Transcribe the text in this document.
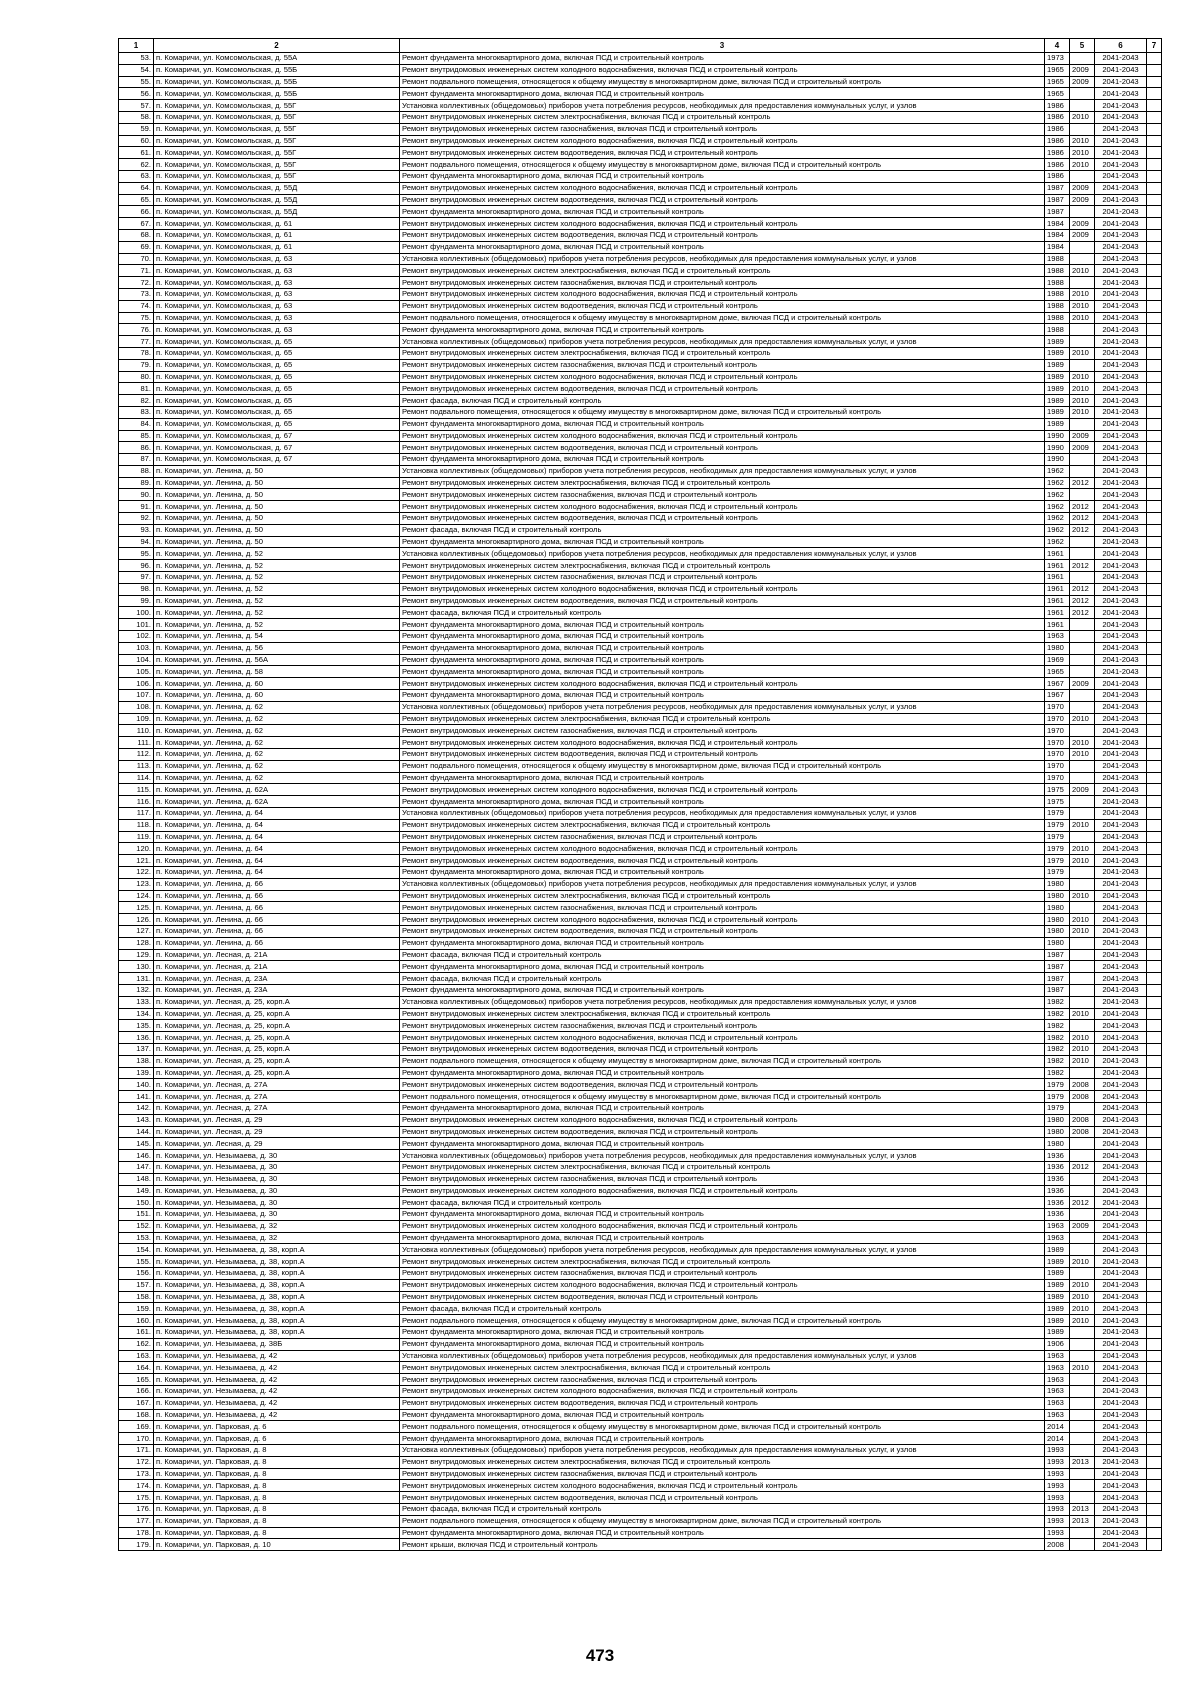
1	2	3	4	5	6	7
53.	п. Комаричи, ул. Комсомольская, д. 55А	Ремонт фундамента многоквартирного дома, включая ПСД и строительный контроль	1973		2041-2043	
54.	п. Комаричи, ул. Комсомольская, д. 55Б	Ремонт внутридомовых инженерных систем холодного водоснабжения, включая ПСД и строительный контроль	1965	2009	2041-2043	
55.	п. Комаричи, ул. Комсомольская, д. 55Б	Ремонт подвального помещения, относящегося к общему имуществу в многоквартирном доме, включая ПСД и строительный контроль	1965	2009	2041-2043	
56.	п. Комаричи, ул. Комсомольская, д. 55Б	Ремонт фундамента многоквартирного дома, включая ПСД и строительный контроль	1965		2041-2043	
57.	п. Комаричи, ул. Комсомольская, д. 55Г	Установка коллективных (общедомовых) приборов учета потребления ресурсов, необходимых для предоставления коммунальных услуг, и узлов	1986		2041-2043	
58.	п. Комаричи, ул. Комсомольская, д. 55Г	Ремонт внутридомовых инженерных систем электроснабжения, включая ПСД и строительный контроль	1986	2010	2041-2043	
59.	п. Комаричи, ул. Комсомольская, д. 55Г	Ремонт внутридомовых инженерных систем газоснабжения, включая ПСД и строительный контроль	1986		2041-2043	
60.	п. Комаричи, ул. Комсомольская, д. 55Г	Ремонт внутридомовых инженерных систем холодного водоснабжения, включая ПСД и строительный контроль	1986	2010	2041-2043	
61.	п. Комаричи, ул. Комсомольская, д. 55Г	Ремонт внутридомовых инженерных систем водоотведения, включая ПСД и строительный контроль	1986	2010	2041-2043	
62.	п. Комаричи, ул. Комсомольская, д. 55Г	Ремонт подвального помещения, относящегося к общему имуществу в многоквартирном доме, включая ПСД и строительный контроль	1986	2010	2041-2043	
63.	п. Комаричи, ул. Комсомольская, д. 55Г	Ремонт фундамента многоквартирного дома, включая ПСД и строительный контроль	1986		2041-2043	
64.	п. Комаричи, ул. Комсомольская, д. 55Д	Ремонт внутридомовых инженерных систем холодного водоснабжения, включая ПСД и строительный контроль	1987	2009	2041-2043	
65.	п. Комаричи, ул. Комсомольская, д. 55Д	Ремонт внутридомовых инженерных систем водоотведения, включая ПСД и строительный контроль	1987	2009	2041-2043	
66.	п. Комаричи, ул. Комсомольская, д. 55Д	Ремонт фундамента многоквартирного дома, включая ПСД и строительный контроль	1987		2041-2043	
67.	п. Комаричи, ул. Комсомольская, д. 61	Ремонт внутридомовых инженерных систем холодного водоснабжения, включая ПСД и строительный контроль	1984	2009	2041-2043	
68.	п. Комаричи, ул. Комсомольская, д. 61	Ремонт внутридомовых инженерных систем водоотведения, включая ПСД и строительный контроль	1984	2009	2041-2043	
69.	п. Комаричи, ул. Комсомольская, д. 61	Ремонт фундамента многоквартирного дома, включая ПСД и строительный контроль	1984		2041-2043	
70.	п. Комаричи, ул. Комсомольская, д. 63	Установка коллективных (общедомовых) приборов учета потребления ресурсов, необходимых для предоставления коммунальных услуг, и узлов	1988		2041-2043	
71.	п. Комаричи, ул. Комсомольская, д. 63	Ремонт внутридомовых инженерных систем электроснабжения, включая ПСД и строительный контроль	1988	2010	2041-2043	
72.	п. Комаричи, ул. Комсомольская, д. 63	Ремонт внутридомовых инженерных систем газоснабжения, включая ПСД и строительный контроль	1988		2041-2043	
73.	п. Комаричи, ул. Комсомольская, д. 63	Ремонт внутридомовых инженерных систем холодного водоснабжения, включая ПСД и строительный контроль	1988	2010	2041-2043	
74.	п. Комаричи, ул. Комсомольская, д. 63	Ремонт внутридомовых инженерных систем водоотведения, включая ПСД и строительный контроль	1988	2010	2041-2043	
75.	п. Комаричи, ул. Комсомольская, д. 63	Ремонт подвального помещения, относящегося к общему имуществу в многоквартирном доме, включая ПСД и строительный контроль	1988	2010	2041-2043	
76.	п. Комаричи, ул. Комсомольская, д. 63	Ремонт фундамента многоквартирного дома, включая ПСД и строительный контроль	1988		2041-2043	
77.	п. Комаричи, ул. Комсомольская, д. 65	Установка коллективных (общедомовых) приборов учета потребления ресурсов, необходимых для предоставления коммунальных услуг, и узлов	1989		2041-2043	
78.	п. Комаричи, ул. Комсомольская, д. 65	Ремонт внутридомовых инженерных систем электроснабжения, включая ПСД и строительный контроль	1989	2010	2041-2043	
79.	п. Комаричи, ул. Комсомольская, д. 65	Ремонт внутридомовых инженерных систем газоснабжения, включая ПСД и строительный контроль	1989		2041-2043	
80.	п. Комаричи, ул. Комсомольская, д. 65	Ремонт внутридомовых инженерных систем холодного водоснабжения, включая ПСД и строительный контроль	1989	2010	2041-2043	
81.	п. Комаричи, ул. Комсомольская, д. 65	Ремонт внутридомовых инженерных систем водоотведения, включая ПСД и строительный контроль	1989	2010	2041-2043	
82.	п. Комаричи, ул. Комсомольская, д. 65	Ремонт фасада, включая ПСД и строительный контроль	1989	2010	2041-2043	
83.	п. Комаричи, ул. Комсомольская, д. 65	Ремонт подвального помещения, относящегося к общему имуществу в многоквартирном доме, включая ПСД и строительный контроль	1989	2010	2041-2043	
84.	п. Комаричи, ул. Комсомольская, д. 65	Ремонт фундамента многоквартирного дома, включая ПСД и строительный контроль	1989		2041-2043	
85.	п. Комаричи, ул. Комсомольская, д. 67	Ремонт внутридомовых инженерных систем холодного водоснабжения, включая ПСД и строительный контроль	1990	2009	2041-2043	
86.	п. Комаричи, ул. Комсомольская, д. 67	Ремонт внутридомовых инженерных систем водоотведения, включая ПСД и строительный контроль	1990	2009	2041-2043	
87.	п. Комаричи, ул. Комсомольская, д. 67	Ремонт фундамента многоквартирного дома, включая ПСД и строительный контроль	1990		2041-2043	
88.	п. Комаричи, ул. Ленина, д. 50	Установка коллективных (общедомовых) приборов учета потребления ресурсов, необходимых для предоставления коммунальных услуг, и узлов	1962		2041-2043	
89.	п. Комаричи, ул. Ленина, д. 50	Ремонт внутридомовых инженерных систем электроснабжения, включая ПСД и строительный контроль	1962	2012	2041-2043	
90.	п. Комаричи, ул. Ленина, д. 50	Ремонт внутридомовых инженерных систем газоснабжения, включая ПСД и строительный контроль	1962		2041-2043	
91.	п. Комаричи, ул. Ленина, д. 50	Ремонт внутридомовых инженерных систем холодного водоснабжения, включая ПСД и строительный контроль	1962	2012	2041-2043	
92.	п. Комаричи, ул. Ленина, д. 50	Ремонт внутридомовых инженерных систем водоотведения, включая ПСД и строительный контроль	1962	2012	2041-2043	
93.	п. Комаричи, ул. Ленина, д. 50	Ремонт фасада, включая ПСД и строительный контроль	1962	2012	2041-2043	
94.	п. Комаричи, ул. Ленина, д. 50	Ремонт фундамента многоквартирного дома, включая ПСД и строительный контроль	1962		2041-2043	
95.	п. Комаричи, ул. Ленина, д. 52	Установка коллективных (общедомовых) приборов учета потребления ресурсов, необходимых для предоставления коммунальных услуг, и узлов	1961		2041-2043	
96.	п. Комаричи, ул. Ленина, д. 52	Ремонт внутридомовых инженерных систем электроснабжения, включая ПСД и строительный контроль	1961	2012	2041-2043	
97.	п. Комаричи, ул. Ленина, д. 52	Ремонт внутридомовых инженерных систем газоснабжения, включая ПСД и строительный контроль	1961		2041-2043	
98.	п. Комаричи, ул. Ленина, д. 52	Ремонт внутридомовых инженерных систем холодного водоснабжения, включая ПСД и строительный контроль	1961	2012	2041-2043	
99.	п. Комаричи, ул. Ленина, д. 52	Ремонт внутридомовых инженерных систем водоотведения, включая ПСД и строительный контроль	1961	2012	2041-2043	
100.	п. Комаричи, ул. Ленина, д. 52	Ремонт фасада, включая ПСД и строительный контроль	1961	2012	2041-2043	
101.	п. Комаричи, ул. Ленина, д. 52	Ремонт фундамента многоквартирного дома, включая ПСД и строительный контроль	1961		2041-2043	
102.	п. Комаричи, ул. Ленина, д. 54	Ремонт фундамента многоквартирного дома, включая ПСД и строительный контроль	1963		2041-2043	
103.	п. Комаричи, ул. Ленина, д. 56	Ремонт фундамента многоквартирного дома, включая ПСД и строительный контроль	1980		2041-2043	
104.	п. Комаричи, ул. Ленина, д. 56А	Ремонт фундамента многоквартирного дома, включая ПСД и строительный контроль	1969		2041-2043	
105.	п. Комаричи, ул. Ленина, д. 58	Ремонт фундамента многоквартирного дома, включая ПСД и строительный контроль	1965		2041-2043	
106.	п. Комаричи, ул. Ленина, д. 60	Ремонт внутридомовых инженерных систем холодного водоснабжения, включая ПСД и строительный контроль	1967	2009	2041-2043	
107.	п. Комаричи, ул. Ленина, д. 60	Ремонт фундамента многоквартирного дома, включая ПСД и строительный контроль	1967		2041-2043	
108.	п. Комаричи, ул. Ленина, д. 62	Установка коллективных (общедомовых) приборов учета потребления ресурсов, необходимых для предоставления коммунальных услуг, и узлов	1970		2041-2043	
109.	п. Комаричи, ул. Ленина, д. 62	Ремонт внутридомовых инженерных систем электроснабжения, включая ПСД и строительный контроль	1970	2010	2041-2043	
110.	п. Комаричи, ул. Ленина, д. 62	Ремонт внутридомовых инженерных систем газоснабжения, включая ПСД и строительный контроль	1970		2041-2043	
111.	п. Комаричи, ул. Ленина, д. 62	Ремонт внутридомовых инженерных систем холодного водоснабжения, включая ПСД и строительный контроль	1970	2010	2041-2043	
112.	п. Комаричи, ул. Ленина, д. 62	Ремонт внутридомовых инженерных систем водоотведения, включая ПСД и строительный контроль	1970	2010	2041-2043	
113.	п. Комаричи, ул. Ленина, д. 62	Ремонт подвального помещения, относящегося к общему имуществу в многоквартирном доме, включая ПСД и строительный контроль	1970		2041-2043	
114.	п. Комаричи, ул. Ленина, д. 62	Ремонт фундамента многоквартирного дома, включая ПСД и строительный контроль	1970		2041-2043	
115.	п. Комаричи, ул. Ленина, д. 62А	Ремонт внутридомовых инженерных систем холодного водоснабжения, включая ПСД и строительный контроль	1975	2009	2041-2043	
116.	п. Комаричи, ул. Ленина, д. 62А	Ремонт фундамента многоквартирного дома, включая ПСД и строительный контроль	1975		2041-2043	
117.	п. Комаричи, ул. Ленина, д. 64	Установка коллективных (общедомовых) приборов учета потребления ресурсов, необходимых для предоставления коммунальных услуг, и узлов	1979		2041-2043	
118.	п. Комаричи, ул. Ленина, д. 64	Ремонт внутридомовых инженерных систем электроснабжения, включая ПСД и строительный контроль	1979	2010	2041-2043	
119.	п. Комаричи, ул. Ленина, д. 64	Ремонт внутридомовых инженерных систем газоснабжения, включая ПСД и строительный контроль	1979		2041-2043	
120.	п. Комаричи, ул. Ленина, д. 64	Ремонт внутридомовых инженерных систем холодного водоснабжения, включая ПСД и строительный контроль	1979	2010	2041-2043	
121.	п. Комаричи, ул. Ленина, д. 64	Ремонт внутридомовых инженерных систем водоотведения, включая ПСД и строительный контроль	1979	2010	2041-2043	
122.	п. Комаричи, ул. Ленина, д. 64	Ремонт фундамента многоквартирного дома, включая ПСД и строительный контроль	1979		2041-2043	
123.	п. Комаричи, ул. Ленина, д. 66	Установка коллективных (общедомовых) приборов учета потребления ресурсов, необходимых для предоставления коммунальных услуг, и узлов	1980		2041-2043	
124.	п. Комаричи, ул. Ленина, д. 66	Ремонт внутридомовых инженерных систем электроснабжения, включая ПСД и строительный контроль	1980	2010	2041-2043	
125.	п. Комаричи, ул. Ленина, д. 66	Ремонт внутридомовых инженерных систем газоснабжения, включая ПСД и строительный контроль	1980		2041-2043	
126.	п. Комаричи, ул. Ленина, д. 66	Ремонт внутридомовых инженерных систем холодного водоснабжения, включая ПСД и строительный контроль	1980	2010	2041-2043	
127.	п. Комаричи, ул. Ленина, д. 66	Ремонт внутридомовых инженерных систем водоотведения, включая ПСД и строительный контроль	1980	2010	2041-2043	
128.	п. Комаричи, ул. Ленина, д. 66	Ремонт фундамента многоквартирного дома, включая ПСД и строительный контроль	1980		2041-2043	
129.	п. Комаричи, ул. Лесная, д. 21А	Ремонт фасада, включая ПСД и строительный контроль	1987		2041-2043	
130.	п. Комаричи, ул. Лесная, д. 21А	Ремонт фундамента многоквартирного дома, включая ПСД и строительный контроль	1987		2041-2043	
131.	п. Комаричи, ул. Лесная, д. 23А	Ремонт фасада, включая ПСД и строительный контроль	1987		2041-2043	
132.	п. Комаричи, ул. Лесная, д. 23А	Ремонт фундамента многоквартирного дома, включая ПСД и строительный контроль	1987		2041-2043	
133.	п. Комаричи, ул. Лесная, д. 25, корп.А	Установка коллективных (общедомовых) приборов учета потребления ресурсов, необходимых для предоставления коммунальных услуг, и узлов	1982		2041-2043	
134.	п. Комаричи, ул. Лесная, д. 25, корп.А	Ремонт внутридомовых инженерных систем электроснабжения, включая ПСД и строительный контроль	1982	2010	2041-2043	
135.	п. Комаричи, ул. Лесная, д. 25, корп.А	Ремонт внутридомовых инженерных систем газоснабжения, включая ПСД и строительный контроль	1982		2041-2043	
136.	п. Комаричи, ул. Лесная, д. 25, корп.А	Ремонт внутридомовых инженерных систем холодного водоснабжения, включая ПСД и строительный контроль	1982	2010	2041-2043	
137.	п. Комаричи, ул. Лесная, д. 25, корп.А	Ремонт внутридомовых инженерных систем водоотведения, включая ПСД и строительный контроль	1982	2010	2041-2043	
138.	п. Комаричи, ул. Лесная, д. 25, корп.А	Ремонт подвального помещения, относящегося к общему имуществу в многоквартирном доме, включая ПСД и строительный контроль	1982	2010	2041-2043	
139.	п. Комаричи, ул. Лесная, д. 25, корп.А	Ремонт фундамента многоквартирного дома, включая ПСД и строительный контроль	1982		2041-2043	
140.	п. Комаричи, ул. Лесная, д. 27А	Ремонт внутридомовых инженерных систем водоотведения, включая ПСД и строительный контроль	1979	2008	2041-2043	
141.	п. Комаричи, ул. Лесная, д. 27А	Ремонт подвального помещения, относящегося к общему имуществу в многоквартирном доме, включая ПСД и строительный контроль	1979	2008	2041-2043	
142.	п. Комаричи, ул. Лесная, д. 27А	Ремонт фундамента многоквартирного дома, включая ПСД и строительный контроль	1979		2041-2043	
143.	п. Комаричи, ул. Лесная, д. 29	Ремонт внутридомовых инженерных систем холодного водоснабжения, включая ПСД и строительный контроль	1980	2008	2041-2043	
144.	п. Комаричи, ул. Лесная, д. 29	Ремонт внутридомовых инженерных систем водоотведения, включая ПСД и строительный контроль	1980	2008	2041-2043	
145.	п. Комаричи, ул. Лесная, д. 29	Ремонт фундамента многоквартирного дома, включая ПСД и строительный контроль	1980		2041-2043	
146.	п. Комаричи, ул. Незымаева, д. 30	Установка коллективных (общедомовых) приборов учета потребления ресурсов, необходимых для предоставления коммунальных услуг, и узлов	1936		2041-2043	
147.	п. Комаричи, ул. Незымаева, д. 30	Ремонт внутридомовых инженерных систем электроснабжения, включая ПСД и строительный контроль	1936	2012	2041-2043	
148.	п. Комаричи, ул. Незымаева, д. 30	Ремонт внутридомовых инженерных систем газоснабжения, включая ПСД и строительный контроль	1936		2041-2043	
149.	п. Комаричи, ул. Незымаева, д. 30	Ремонт внутридомовых инженерных систем холодного водоснабжения, включая ПСД и строительный контроль	1936		2041-2043	
150.	п. Комаричи, ул. Незымаева, д. 30	Ремонт фасада, включая ПСД и строительный контроль	1936	2012	2041-2043	
151.	п. Комаричи, ул. Незымаева, д. 30	Ремонт фундамента многоквартирного дома, включая ПСД и строительный контроль	1936		2041-2043	
152.	п. Комаричи, ул. Незымаева, д. 32	Ремонт внутридомовых инженерных систем холодного водоснабжения, включая ПСД и строительный контроль	1963	2009	2041-2043	
153.	п. Комаричи, ул. Незымаева, д. 32	Ремонт фундамента многоквартирного дома, включая ПСД и строительный контроль	1963		2041-2043	
154.	п. Комаричи, ул. Незымаева, д. 38, корп.А	Установка коллективных (общедомовых) приборов учета потребления ресурсов, необходимых для предоставления коммунальных услуг, и узлов	1989		2041-2043	
155.	п. Комаричи, ул. Незымаева, д. 38, корп.А	Ремонт внутридомовых инженерных систем электроснабжения, включая ПСД и строительный контроль	1989	2010	2041-2043	
156.	п. Комаричи, ул. Незымаева, д. 38, корп.А	Ремонт внутридомовых инженерных систем газоснабжения, включая ПСД и строительный контроль	1989		2041-2043	
157.	п. Комаричи, ул. Незымаева, д. 38, корп.А	Ремонт внутридомовых инженерных систем холодного водоснабжения, включая ПСД и строительный контроль	1989	2010	2041-2043	
158.	п. Комаричи, ул. Незымаева, д. 38, корп.А	Ремонт внутридомовых инженерных систем водоотведения, включая ПСД и строительный контроль	1989	2010	2041-2043	
159.	п. Комаричи, ул. Незымаева, д. 38, корп.А	Ремонт фасада, включая ПСД и строительный контроль	1989	2010	2041-2043	
160.	п. Комаричи, ул. Незымаева, д. 38, корп.А	Ремонт подвального помещения, относящегося к общему имуществу в многоквартирном доме, включая ПСД и строительный контроль	1989	2010	2041-2043	
161.	п. Комаричи, ул. Незымаева, д. 38, корп.А	Ремонт фундамента многоквартирного дома, включая ПСД и строительный контроль	1989		2041-2043	
162.	п. Комаричи, ул. Незымаева, д. 38Б	Ремонт фундамента многоквартирного дома, включая ПСД и строительный контроль	1906		2041-2043	
163.	п. Комаричи, ул. Незымаева, д. 42	Установка коллективных (общедомовых) приборов учета потребления ресурсов, необходимых для предоставления коммунальных услуг, и узлов	1963		2041-2043	
164.	п. Комаричи, ул. Незымаева, д. 42	Ремонт внутридомовых инженерных систем электроснабжения, включая ПСД и строительный контроль	1963	2010	2041-2043	
165.	п. Комаричи, ул. Незымаева, д. 42	Ремонт внутридомовых инженерных систем газоснабжения, включая ПСД и строительный контроль	1963		2041-2043	
166.	п. Комаричи, ул. Незымаева, д. 42	Ремонт внутридомовых инженерных систем холодного водоснабжения, включая ПСД и строительный контроль	1963		2041-2043	
167.	п. Комаричи, ул. Незымаева, д. 42	Ремонт внутридомовых инженерных систем водоотведения, включая ПСД и строительный контроль	1963		2041-2043	
168.	п. Комаричи, ул. Незымаева, д. 42	Ремонт фундамента многоквартирного дома, включая ПСД и строительный контроль	1963		2041-2043	
169.	п. Комаричи, ул. Парковая, д. 6	Ремонт подвального помещения, относящегося к общему имуществу в многоквартирном доме, включая ПСД и строительный контроль	2014		2041-2043	
170.	п. Комаричи, ул. Парковая, д. 6	Ремонт фундамента многоквартирного дома, включая ПСД и строительный контроль	2014		2041-2043	
171.	п. Комаричи, ул. Парковая, д. 8	Установка коллективных (общедомовых) приборов учета потребления ресурсов, необходимых для предоставления коммунальных услуг, и узлов	1993		2041-2043	
172.	п. Комаричи, ул. Парковая, д. 8	Ремонт внутридомовых инженерных систем электроснабжения, включая ПСД и строительный контроль	1993	2013	2041-2043	
173.	п. Комаричи, ул. Парковая, д. 8	Ремонт внутридомовых инженерных систем газоснабжения, включая ПСД и строительный контроль	1993		2041-2043	
174.	п. Комаричи, ул. Парковая, д. 8	Ремонт внутридомовых инженерных систем холодного водоснабжения, включая ПСД и строительный контроль	1993		2041-2043	
175.	п. Комаричи, ул. Парковая, д. 8	Ремонт внутридомовых инженерных систем водоотведения, включая ПСД и строительный контроль	1993		2041-2043	
176.	п. Комаричи, ул. Парковая, д. 8	Ремонт фасада, включая ПСД и строительный контроль	1993	2013	2041-2043	
177.	п. Комаричи, ул. Парковая, д. 8	Ремонт подвального помещения, относящегося к общему имуществу в многоквартирном доме, включая ПСД и строительный контроль	1993	2013	2041-2043	
178.	п. Комаричи, ул. Парковая, д. 8	Ремонт фундамента многоквартирного дома, включая ПСД и строительный контроль	1993		2041-2043	
179.	п. Комаричи, ул. Парковая, д. 10	Ремонт крыши, включая ПСД и строительный контроль	2008		2041-2043	
473
